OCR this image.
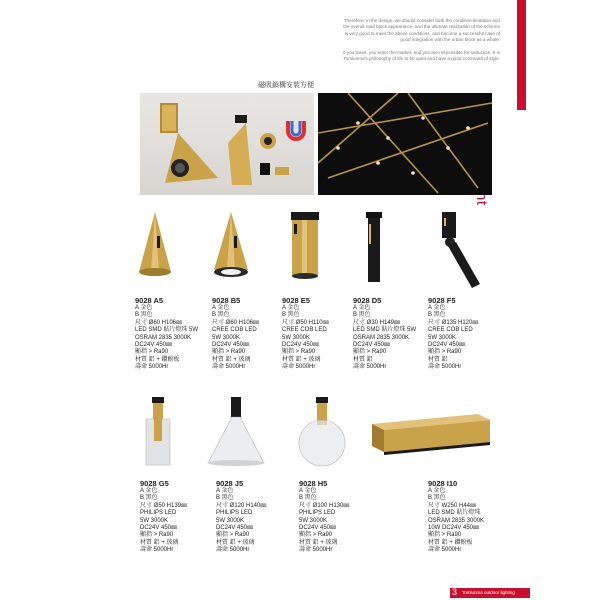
Therefore, in the design, we should consider both the condition limitation and the overall road block appearance, and the ultimate realization of the scheme is very good to meet the above conditions, and become a successful case of good integration with the urban block as a whole.

If you leave, you enter the market, and you are responsible for seduction. It is Tomlunma's philosophy of life to be quiet and have a good command of style.

磁吸鎖構安裝方便
9028 A5
A 金色
B 黑色
尺寸 Ø60 H106㎜
LED SMD 貼片燈珠 5W
OSRAM 2835 3000K
DC24V 450㎜
顯指 > Ra90
材質 鋁 + 鑽酚板
壽命 5000Hr
9028 B5
A 金色
B 黑色
尺寸 Ø60 H106㎜
CREE COB LED
5W 3000K
DC24V 450㎜
顯指 > Ra90
材質 鋁 + 玻璃
壽命 5000Hr
9028 E5
A 金色
B 黑色
尺寸 Ø50 H110㎜
CREE COB LED
5W 3000K
DC24V 450㎜
顯指 > Ra90
材質 鋁 + 玻璃
壽命 5000Hr
9028 D5
A 金色
B 黑色
尺寸 Ø30 H149㎜
LED SMD 貼片燈珠 5W
OSRAM 2835 3000K
DC24V 450㎜
顯指 > Ra90
材質 鋁
壽命 5000Hr
9028 F5
A 金色
B 黑色
尺寸 Ø135 H120㎜
CREE COB LED
5W 3000K
DC24V 450㎜
顯指 > Ra90
材質 鋁
壽命 5000Hr
9028 G5
A 金色
B 黑色
尺寸 Ø50 H139㎜
PHILIPS LED
5W 3000K
DC24V 450㎜
顯指 > Ra90
材質 鋁 + 玻璃
壽命 5000Hr
9028 J5
A 金色
B 黑色
尺寸 Ø120 H140㎜
PHILIPS LED
5W 3000K
DC24V 450㎜
顯指 > Ra90
材質 鋁 + 玻璃
壽命 5000Hr
9028 H5
A 金色
B 黑色
尺寸 Ø100 H130㎜
PHILIPS LED
5W 3000K
DC24V 450㎜
顯指 > Ra90
材質 鋁 + 玻璃
壽命 5000Hr
9028 I10
A 金色
B 黑色
尺寸 W250 H44㎜
LED SMD 貼片燈珠
OSRAM 2835 3000K
10W DC24V 450㎜
顯指 > Ra90
材質 鋁 + 鑽酚板
壽命 5000Hr
3 Tomlunma outdoor lighting
